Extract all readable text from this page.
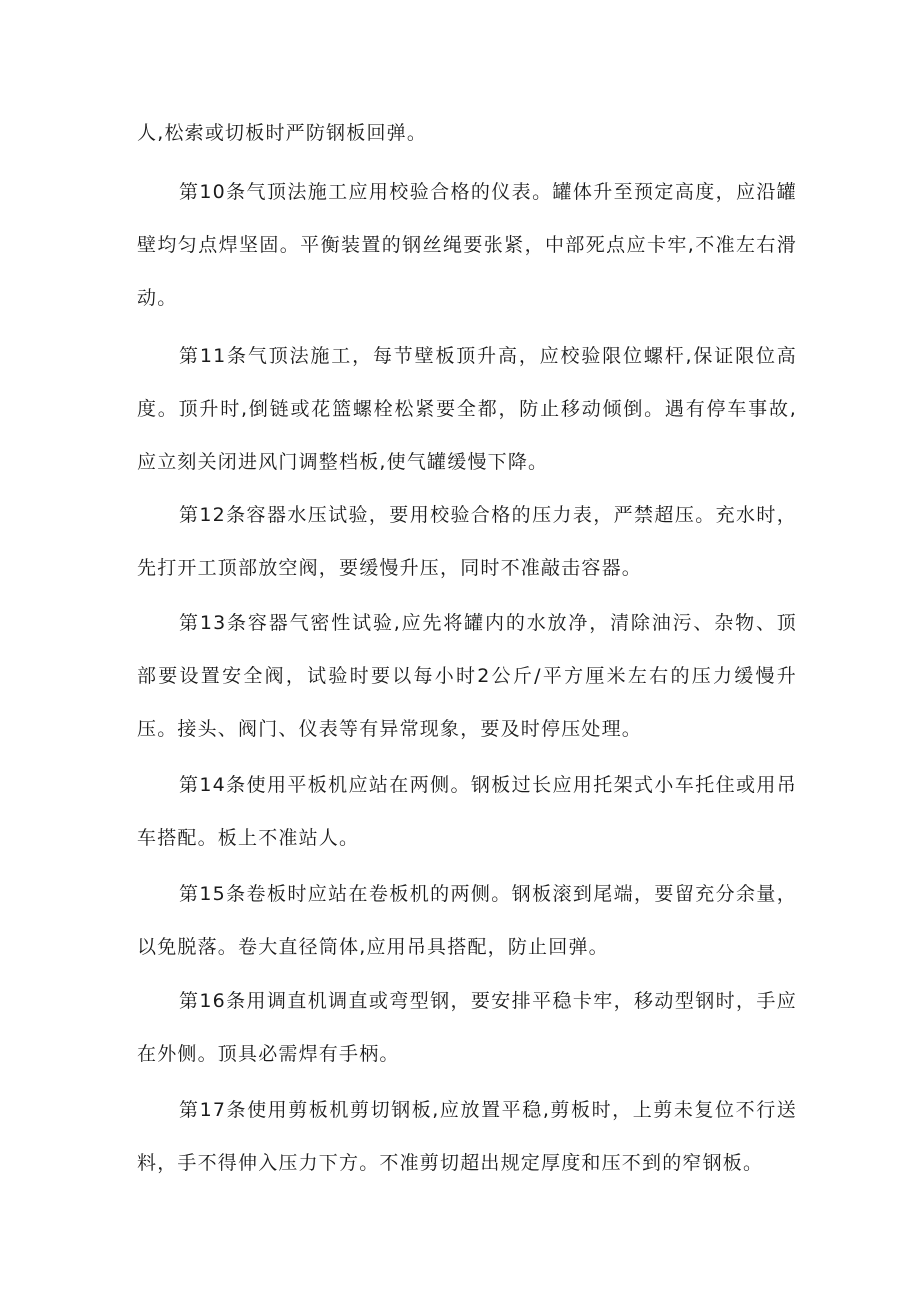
人,松索或切板时严防钢板回弹。

第10条气顶法施工应用校验合格的仪表。罐体升至预定高度，应沿罐壁均匀点焊坚固。平衡装置的钢丝绳要张紧，中部死点应卡牢,不准左右滑动。

第11条气顶法施工，每节壁板顶升高，应校验限位螺杆,保证限位高度。顶升时,倒链或花篮螺栓松紧要全都，防止移动倾倒。遇有停车事故,应立刻关闭进风门调整档板,使气罐缓慢下降。

第12条容器水压试验，要用校验合格的压力表，严禁超压。充水时，先打开工顶部放空阀，要缓慢升压，同时不准敲击容器。

第13条容器气密性试验,应先将罐内的水放净，清除油污、杂物、顶部要设置安全阀，试验时要以每小时2公斤/平方厘米左右的压力缓慢升压。接头、阀门、仪表等有异常现象，要及时停压处理。

第14条使用平板机应站在两侧。钢板过长应用托架式小车托住或用吊车搭配。板上不准站人。

第15条卷板时应站在卷板机的两侧。钢板滚到尾端，要留充分余量，以免脱落。卷大直径筒体,应用吊具搭配，防止回弹。

第16条用调直机调直或弯型钢，要安排平稳卡牢，移动型钢时，手应在外侧。顶具必需焊有手柄。

第17条使用剪板机剪切钢板,应放置平稳,剪板时，上剪未复位不行送料，手不得伸入压力下方。不准剪切超出规定厚度和压不到的窄钢板。
